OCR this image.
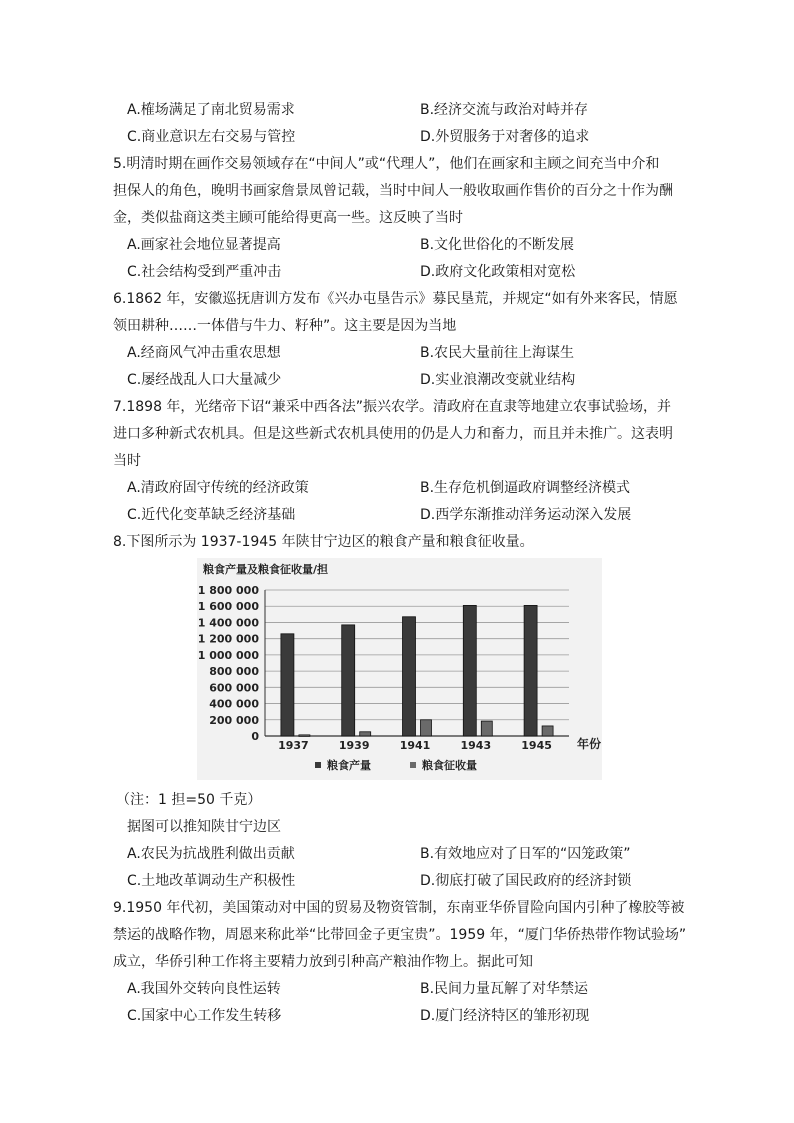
A.榷场满足了南北贸易需求	B.经济交流与政治对峙并存
C.商业意识左右交易与管控	D.外贸服务于对奢侈的追求
5.明清时期在画作交易领域存在“中间人”或“代理人”，他们在画家和主顾之间充当中介和
担保人的角色，晚明书画家詹景凤曾记载，当时中间人一般收取画作售价的百分之十作为酬
金，类似盐商这类主顾可能给得更高一些。这反映了当时
A.画家社会地位显著提高	B.文化世俗化的不断发展
C.社会结构受到严重冲击	D.政府文化政策相对宽松
6.1862 年，安徽巡抚唐训方发布《兴办屯垦告示》募民垦荒，并规定“如有外来客民，情愿
领田耕种……一体借与牛力、籽种”。这主要是因为当地
A.经商风气冲击重农思想	B.农民大量前往上海谋生
C.屡经战乱人口大量减少	D.实业浪潮改变就业结构
7.1898 年，光绪帝下诏“兼采中西各法”振兴农学。清政府在直隶等地建立农事试验场，并
进口多种新式农机具。但是这些新式农机具使用的仍是人力和畜力，而且并未推广。这表明
当时
A.清政府固守传统的经济政策	B.生存危机倒逼政府调整经济模式
C.近代化变革缺乏经济基础	D.西学东渐推动洋务运动深入发展
8.下图所示为 1937-1945 年陕甘宁边区的粮食产量和粮食征收量。
粮食产量及粮食征收量/担
0
200 000
400 000
600 000
800 000
1 000 000
1 200 000
1 400 000
1 600 000
1 800 000
1937	1939	1941	1943	1945 年份
粮食产量	粮食征收量
（注：1 担=50 千克）
据图可以推知陕甘宁边区
A.农民为抗战胜利做出贡献	B.有效地应对了日军的“囚笼政策”
C.土地改革调动生产积极性	D.彻底打破了国民政府的经济封锁
9.1950 年代初，美国策动对中国的贸易及物资管制，东南亚华侨冒险向国内引种了橡胶等被
禁运的战略作物，周恩来称此举“比带回金子更宝贵”。1959 年，“厦门华侨热带作物试验场”
成立，华侨引种工作将主要精力放到引种高产粮油作物上。据此可知
A.我国外交转向良性运转	B.民间力量瓦解了对华禁运
C.国家中心工作发生转移	D.厦门经济特区的雏形初现
